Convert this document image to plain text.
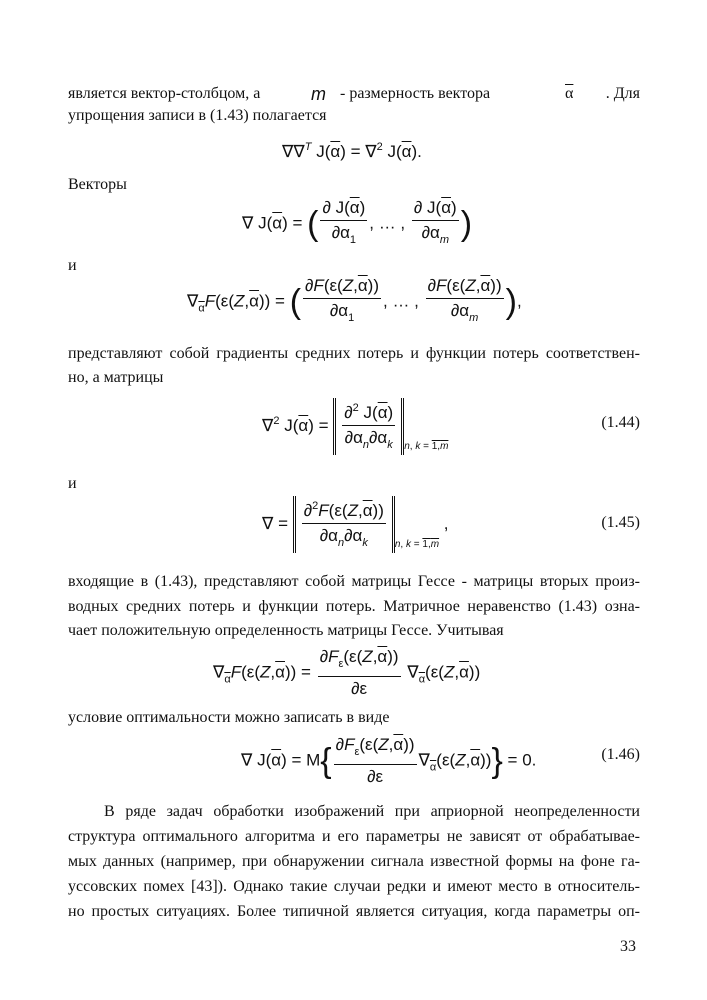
является вектор-столбцом, а	m - размерность вектора	$\overline{\alpha}$	. Для
упрощения записи в (1.43) полагается
∇∇$^T$ $J(\overline{\alpha}) = \nabla^2$ $J(\overline{\alpha})$.
Векторы
∇ $J(\overline{\alpha})$ = ( $\frac{\partial J(\overline{\alpha})}{\partial\alpha_1}$ , … , $\frac{\partial J(\overline{\alpha})}{\partial\alpha_m}$ )
и
$\nabla_{\overline{\alpha}}F(\varepsilon(Z,\overline{\alpha}))$ = ( $\frac{\partial F(\varepsilon(Z,\overline{\alpha}))}{\partial\alpha_1}$ , … , $\frac{\partial F(\varepsilon(Z,\overline{\alpha}))}{\partial\alpha_m}$ ),
представляют собой градиенты средних потерь и функции потерь соответствен-
но, а матрицы
∇$^2$ $J(\overline{\alpha}) = \frac{\partial^2 J(\overline{\alpha})}{\partial\alpha_n\partial\alpha_k} _{n, k = 1,m}$
(1.44)
и
∇ = $\frac{\partial^2F(\varepsilon(Z,\overline{\alpha}))}{\partial\alpha_n\partial\alpha_k} _{n, k = 1,m}$ ,	(1.45)
входящие в (1.43), представляют собой матрицы Гессе - матрицы вторых произ-
водных средних потерь и функции потерь. Матричное неравенство (1.43) озна-
чает положительную определенность матрицы Гессе. Учитывая
$\nabla_{\overline{\alpha}}F(\varepsilon(Z,\overline{\alpha})) = \frac{\partial F_\varepsilon(\varepsilon(Z,\overline{\alpha}))}{\partial\varepsilon} \nabla_{\overline{\alpha}}(\varepsilon(Z,\overline{\alpha}))$
условие оптимальности можно записать в виде
∇ $J(\overline{\alpha}) = M\{ \frac{\partial F_\varepsilon(\varepsilon(Z,\overline{\alpha}))}{\partial\varepsilon} \nabla_{\overline{\alpha}}(\varepsilon(Z,\overline{\alpha}))\} = 0$.	(1.46)
В ряде задач обработки изображений при априорной неопределенности
структура оптимального алгоритма и его параметры не зависят от обрабатывае-
мых данных (например, при обнаружении сигнала известной формы на фоне га-
уссовских помех [43]). Однако такие случаи редки и имеют место в относитель-
но простых ситуациях. Более типичной является ситуация, когда параметры оп-
33
